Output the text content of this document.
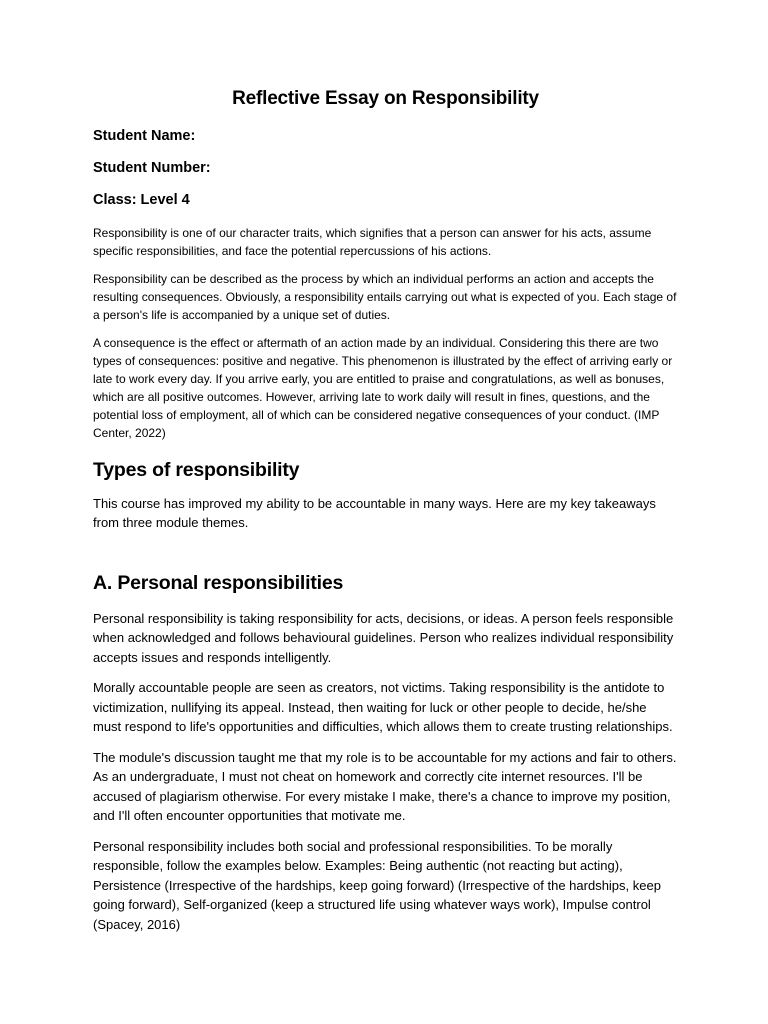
Reflective Essay on Responsibility

Student Name:

Student Number:

Class: Level 4

Responsibility is one of our character traits, which signifies that a person can answer for his acts, assume specific responsibilities, and face the potential repercussions of his actions.

Responsibility can be described as the process by which an individual performs an action and accepts the resulting consequences. Obviously, a responsibility entails carrying out what is expected of you. Each stage of a person's life is accompanied by a unique set of duties.

A consequence is the effect or aftermath of an action made by an individual. Considering this there are two types of consequences: positive and negative. This phenomenon is illustrated by the effect of arriving early or late to work every day. If you arrive early, you are entitled to praise and congratulations, as well as bonuses, which are all positive outcomes. However, arriving late to work daily will result in fines, questions, and the potential loss of employment, all of which can be considered negative consequences of your conduct. (IMP Center, 2022)

Types of responsibility

This course has improved my ability to be accountable in many ways. Here are my key takeaways from three module themes.

A. Personal responsibilities

Personal responsibility is taking responsibility for acts, decisions, or ideas. A person feels responsible when acknowledged and follows behavioural guidelines. Person who realizes individual responsibility accepts issues and responds intelligently.

Morally accountable people are seen as creators, not victims. Taking responsibility is the antidote to victimization, nullifying its appeal. Instead, then waiting for luck or other people to decide, he/she must respond to life's opportunities and difficulties, which allows them to create trusting relationships.

The module's discussion taught me that my role is to be accountable for my actions and fair to others. As an undergraduate, I must not cheat on homework and correctly cite internet resources. I'll be accused of plagiarism otherwise. For every mistake I make, there's a chance to improve my position, and I'll often encounter opportunities that motivate me.

Personal responsibility includes both social and professional responsibilities. To be morally responsible, follow the examples below. Examples: Being authentic (not reacting but acting), Persistence (Irrespective of the hardships, keep going forward) (Irrespective of the hardships, keep going forward), Self-organized (keep a structured life using whatever ways work), Impulse control (Spacey, 2016)
